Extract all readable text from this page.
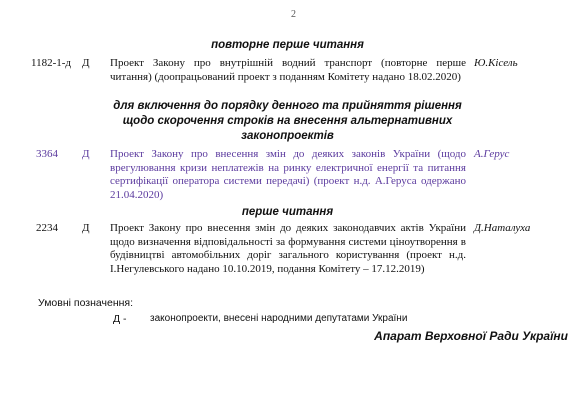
2
повторне перше читання
1182-1-д Д Проект Закону про внутрішній водний транспорт (повторне перше читання) (доопрацьований проект з поданням Комітету надано 18.02.2020)
Ю.Кісель
для включення до порядку денного та прийняття рішення щодо скорочення строків на внесення альтернативних законопроектів
3364 Д Проект Закону про внесення змін до деяких законів України (щодо врегулювання кризи неплатежів на ринку електричної енергії та питання сертифікації оператора системи передачі) (проект н.д. А.Геруса одержано 21.04.2020)
А.Герус
перше читання
2234 Д Проект Закону про внесення змін до деяких законодавчих актів України щодо визначення відповідальності за формування системи ціноутворення в будівництві автомобільних доріг загального користування (проект н.д. І.Негулевського надано 10.10.2019, подання Комітету – 17.12.2019)
Д.Наталуха
Умовні позначення:
Д - законопроекти, внесені народними депутатами України
Апарат Верховної Ради України
